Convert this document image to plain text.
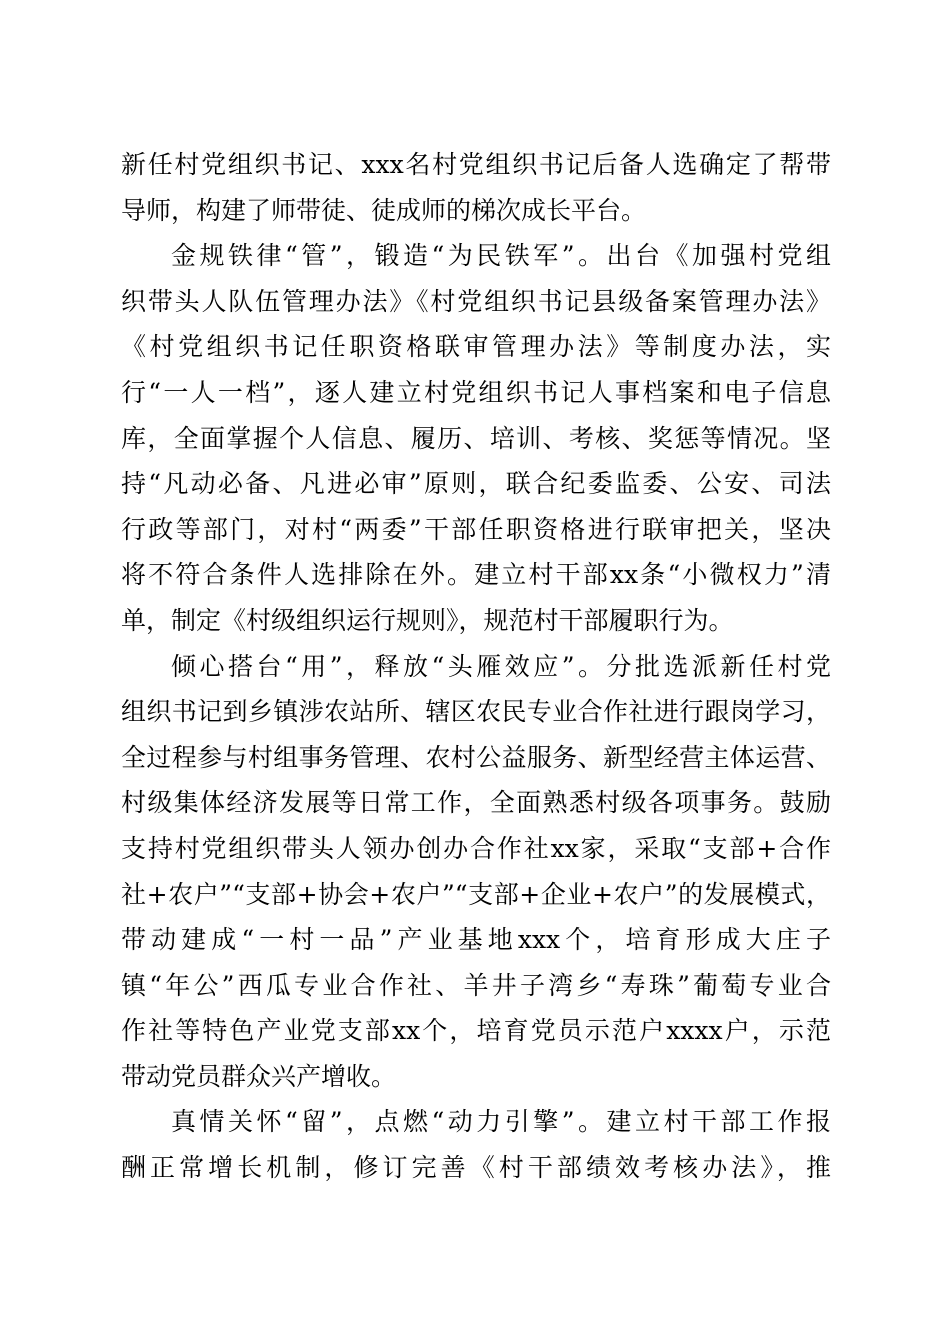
新任村党组织书记、xxx名村党组织书记后备人选确定了帮带
导师，构建了师带徒、徒成师的梯次成长平台。
金规铁律“管”，锻造“为民铁军”。出台《加强村党组
织带头人队伍管理办法》《村党组织书记县级备案管理办法》
《村党组织书记任职资格联审管理办法》等制度办法，实
行“一人一档”，逐人建立村党组织书记人事档案和电子信息
库，全面掌握个人信息、履历、培训、考核、奖惩等情况。坚
持“凡动必备、凡进必审”原则，联合纪委监委、公安、司法
行政等部门，对村“两委”干部任职资格进行联审把关，坚决
将不符合条件人选排除在外。建立村干部xx条“小微权力”清
单，制定《村级组织运行规则》，规范村干部履职行为。
倾心搭台“用”，释放“头雁效应”。分批选派新任村党
组织书记到乡镇涉农站所、辖区农民专业合作社进行跟岗学习，
全过程参与村组事务管理、农村公益服务、新型经营主体运营、
村级集体经济发展等日常工作，全面熟悉村级各项事务。鼓励
支持村党组织带头人领办创办合作社xx家，采取“支部+合作
社+农户”“支部+协会+农户”“支部+企业+农户”的发展模式，
带动建成“一村一品”产业基地xxx个，培育形成大庄子
镇“年公”西瓜专业合作社、羊井子湾乡“寿珠”葡萄专业合
作社等特色产业党支部xx个，培育党员示范户xxxx户，示范
带动党员群众兴产增收。
真情关怀“留”，点燃“动力引擎”。建立村干部工作报
酬正常增长机制，修订完善《村干部绩效考核办法》，推
